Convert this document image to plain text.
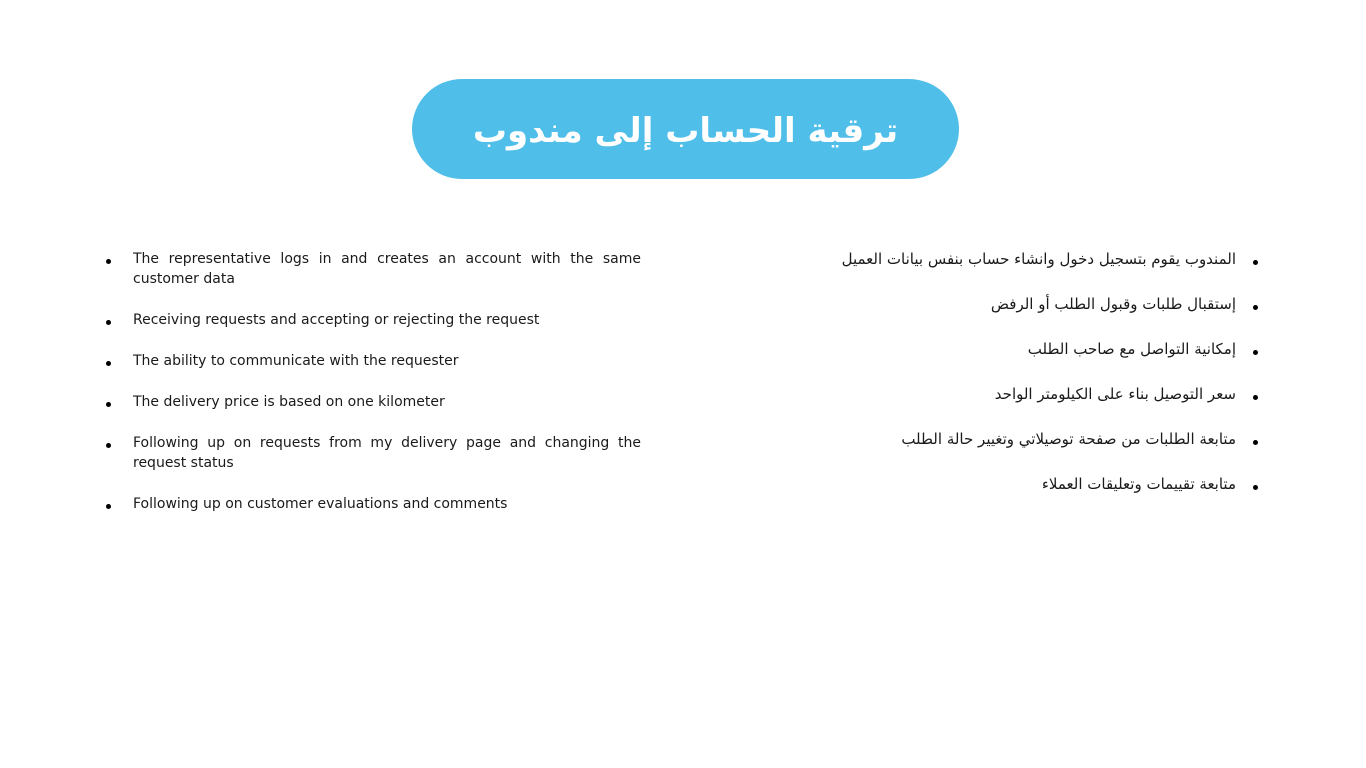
ترقية الحساب إلى مندوب
The representative logs in and creates an account with the same customer data
Receiving requests and accepting or rejecting the request
The ability to communicate with the requester
The delivery price is based on one kilometer
Following up on requests from my delivery page and changing the request status
Following up on customer evaluations and comments
المندوب يقوم بتسجيل دخول وانشاء حساب بنفس بيانات العميل
إستقبال طلبات وقبول الطلب أو الرفض
إمكانية التواصل مع صاحب الطلب
سعر التوصيل بناء على الكيلومتر الواحد
متابعة الطلبات من صفحة توصيلاتي وتغيير حالة الطلب
متابعة تقييمات وتعليقات العملاء
